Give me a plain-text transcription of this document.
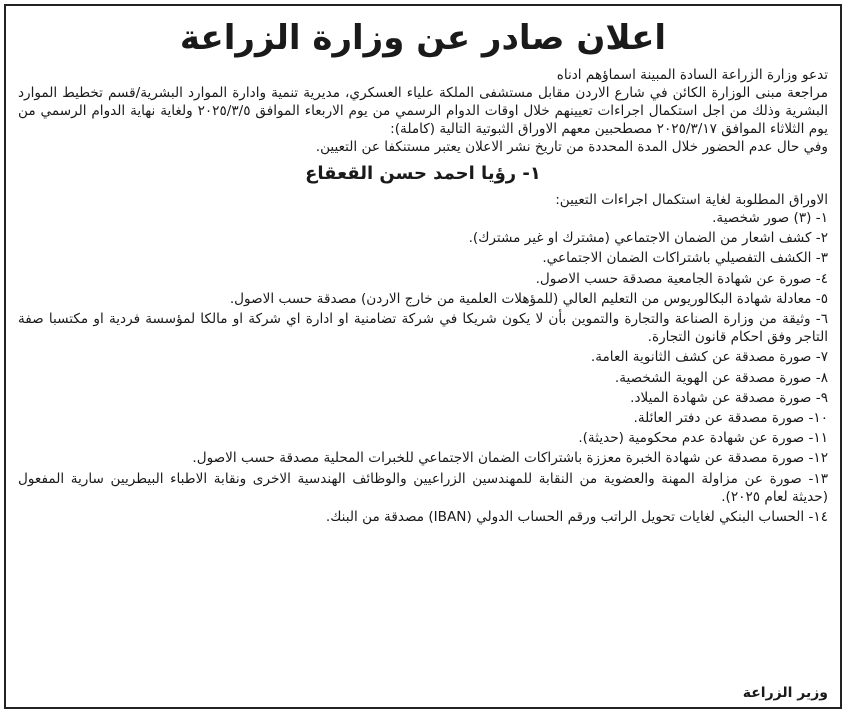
اعلان صادر عن وزارة الزراعة

تدعو وزارة الزراعة السادة المبينة اسماؤهم ادناه

مراجعة مبنى الوزارة الكائن في شارع الاردن مقابل مستشفى الملكة علياء العسكري، مديرية تنمية وادارة الموارد البشرية/قسم تخطيط الموارد البشرية وذلك من اجل استكمال اجراءات تعيينهم خلال اوقات الدوام الرسمي من يوم الاربعاء الموافق ٢٠٢٥/٣/٥ ولغاية نهاية الدوام الرسمي من يوم الثلاثاء الموافق ٢٠٢٥/٣/١٧ مصطحبين معهم الاوراق الثبوتية التالية (كاملة):

وفي حال عدم الحضور خلال المدة المحددة من تاريخ نشر الاعلان يعتبر مستنكفا عن التعيين.

١- رؤيا احمد حسن القعقاع

الاوراق المطلوبة لغاية استكمال اجراءات التعيين:

١- (٣) صور شخصية.

٢- كشف اشعار من الضمان الاجتماعي (مشترك او غير مشترك).

٣- الكشف التفصيلي باشتراكات الضمان الاجتماعي.

٤- صورة عن شهادة الجامعية مصدقة حسب الاصول.

٥- معادلة شهادة البكالوريوس من التعليم العالي (للمؤهلات العلمية من خارج الاردن) مصدقة حسب الاصول.

٦- وثيقة من وزارة الصناعة والتجارة والتموين بأن لا يكون شريكا في شركة تضامنية او ادارة اي شركة او مالكا لمؤسسة فردية او مكتسبا صفة التاجر وفق احكام قانون التجارة.

٧- صورة مصدقة عن كشف الثانوية العامة.

٨- صورة مصدقة عن الهوية الشخصية.

٩- صورة مصدقة عن شهادة الميلاد.

١٠- صورة مصدقة عن دفتر العائلة.

١١- صورة عن شهادة عدم محكومية (حديثة).

١٢- صورة مصدقة عن شهادة الخبرة معززة باشتراكات الضمان الاجتماعي للخبرات المحلية مصدقة حسب الاصول.

١٣- صورة عن مزاولة المهنة والعضوية من النقابة للمهندسين الزراعيين والوظائف الهندسية الاخرى ونقابة الاطباء البيطريين سارية المفعول (حديثة لعام ٢٠٢٥).

١٤- الحساب البنكي لغايات تحويل الراتب ورقم الحساب الدولي (IBAN) مصدقة من البنك.

وزير الزراعة
